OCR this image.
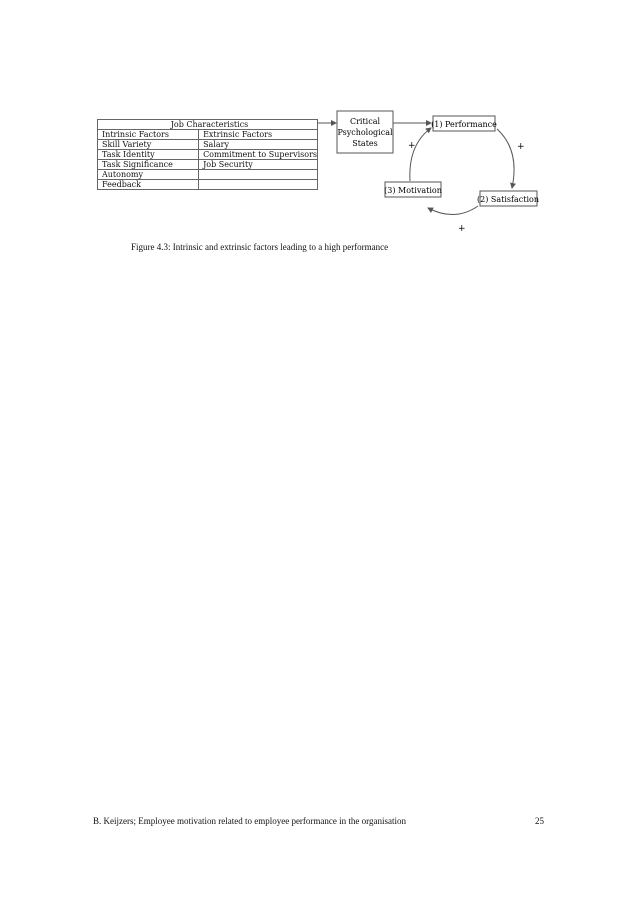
Job Characteristics	
Intrinsic Factors	Extrinsic Factors
Skill Variety	Salary
Task Identity	Commitment to Supervisors
Task Significance	Job Security
Autonomy	
Feedback	
Critical
Psychological
States
(1) Performance
(2) Satisfaction
(3) Motivation
+	+
+
Figure 4.3: Intrinsic and extrinsic factors leading to a high performance
B. Keijzers; Employee motivation related to employee performance in the organisation	25
